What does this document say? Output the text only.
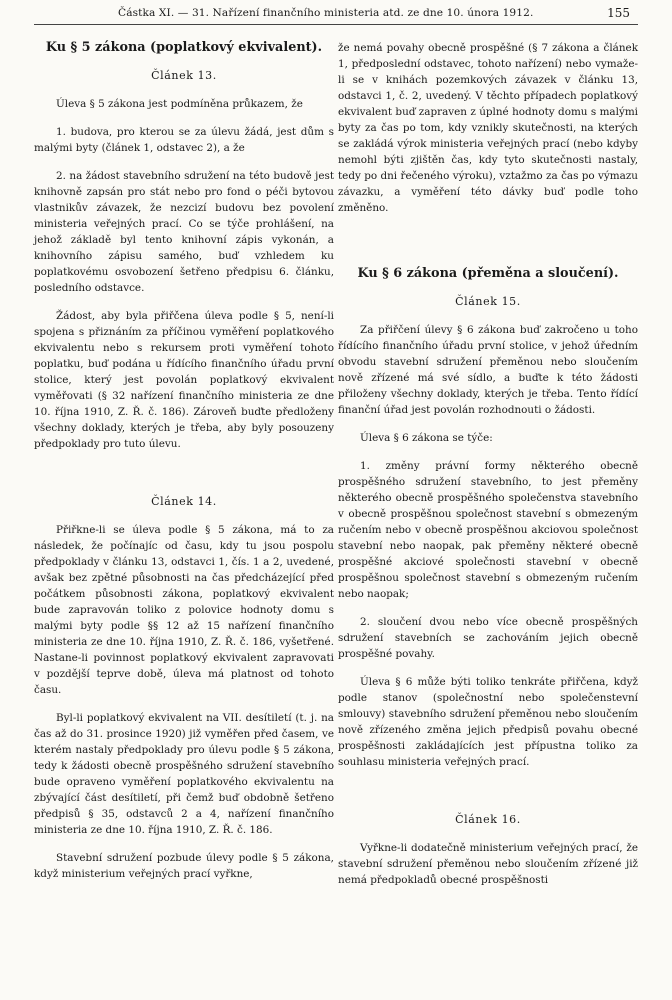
Částka XI. — 31. Nařízení finančního ministeria atd. ze dne 10. února 1912.	155

Ku § 5 zákona (poplatkový ekvivalent).

Článek 13.

Úleva § 5 zákona jest podmíněna průkazem, že

1. budova, pro kterou se za úlevu žádá, jest dům s malými byty (článek 1, odstavec 2), a že

2. na žádost stavebního sdružení na této budově jest knihovně zapsán pro stát nebo pro fond o péči bytovou vlastnikův závazek, že nezcizí budovu bez povolení ministeria veřejných prací. Co se týče prohlášení, na jehož základě byl tento knihovní zápis vykonán, a knihovního zápisu samého, buď vzhledem ku poplatkovému osvobození šetřeno předpisu 6. článku, posledního odstavce.

Žádost, aby byla přiřčena úleva podle § 5, není-li spojena s přiznáním za příčinou vyměření poplatkového ekvivalentu nebo s rekursem proti vyměření tohoto poplatku, buď podána u řídícího finančního úřadu první stolice, který jest povolán poplatkový ekvivalent vyměřovati (§ 32 nařízení finančního ministeria ze dne 10. října 1910, Z. Ř. č. 186). Zároveň buďte předloženy všechny doklady, kterých je třeba, aby byly posouzeny předpoklady pro tuto úlevu.

Článek 14.

Přiřkne-li se úleva podle § 5 zákona, má to za následek, že počínajíc od času, kdy tu jsou pospolu předpoklady v článku 13, odstavci 1, čís. 1 a 2, uvedené, avšak bez zpětné působnosti na čas předcházející před počátkem působnosti zákona, poplatkový ekvivalent bude zapravován toliko z polovice hodnoty domu s malými byty podle §§ 12 až 15 nařízení finančního ministeria ze dne 10. října 1910, Z. Ř. č. 186, vyšetřené. Nastane-li povinnost poplatkový ekvivalent zapravovati v pozdější teprve době, úleva má platnost od tohoto času.

Byl-li poplatkový ekvivalent na VII. desítiletí (t. j. na čas až do 31. prosince 1920) již vyměřen před časem, ve kterém nastaly předpoklady pro úlevu podle § 5 zákona, tedy k žádosti obecně prospěšného sdružení stavebního bude opraveno vyměření poplatkového ekvivalentu na zbývající část desítiletí, při čemž buď obdobně šetřeno předpisů § 35, odstavců 2 a 4, nařízení finančního ministeria ze dne 10. října 1910, Z. Ř. č. 186.

Stavební sdružení pozbude úlevy podle § 5 zákona, když ministerium veřejných prací vyřkne,

že nemá povahy obecně prospěšné (§ 7 zákona a článek 1, předposlední odstavec, tohoto nařízení) nebo vymaže-li se v knihách pozemkových závazek v článku 13, odstavci 1, č. 2, uvedený. V těchto případech poplatkový ekvivalent buď zapraven z úplné hodnoty domu s malými byty za čas po tom, kdy vznikly skutečnosti, na kterých se zakládá výrok ministeria veřejných prací (nebo kdyby nemohl býti zjištěn čas, kdy tyto skutečnosti nastaly, tedy po dni řečeného výroku), vztažmo za čas po výmazu závazku, a vyměření této dávky buď podle toho změněno.

Ku § 6 zákona (přeměna a sloučení).

Článek 15.

Za přiřčení úlevy § 6 zákona buď zakročeno u toho řídícího finančního úřadu první stolice, v jehož úředním obvodu stavební sdružení přeměnou nebo sloučením nově zřízené má své sídlo, a buďte k této žádosti přiloženy všechny doklady, kterých je třeba. Tento řídící finanční úřad jest povolán rozhodnouti o žádosti.

Úleva § 6 zákona se týče:

1. změny právní formy některého obecně prospěšného sdružení stavebního, to jest přeměny některého obecně prospěšného společenstva stavebního v obecně prospěšnou společnost stavební s obmezeným ručením nebo v obecně prospěšnou akciovou společnost stavební nebo naopak, pak přeměny některé obecně prospěšné akciové společnosti stavební v obecně prospěšnou společnost stavební s obmezeným ručením nebo naopak;

2. sloučení dvou nebo více obecně prospěšných sdružení stavebních se zachováním jejich obecně prospěšné povahy.

Úleva § 6 může býti toliko tenkráte přiřčena, když podle stanov (společnostní nebo společenstevní smlouvy) stavebního sdružení přeměnou nebo sloučením nově zřízeného změna jejich předpisů povahu obecné prospěšnosti zakládajících jest přípustna toliko za souhlasu ministeria veřejných prací.

Článek 16.

Vyřkne-li dodatečně ministerium veřejných prací, že stavební sdružení přeměnou nebo sloučením zřízené již nemá předpokladů obecné prospěšnosti
